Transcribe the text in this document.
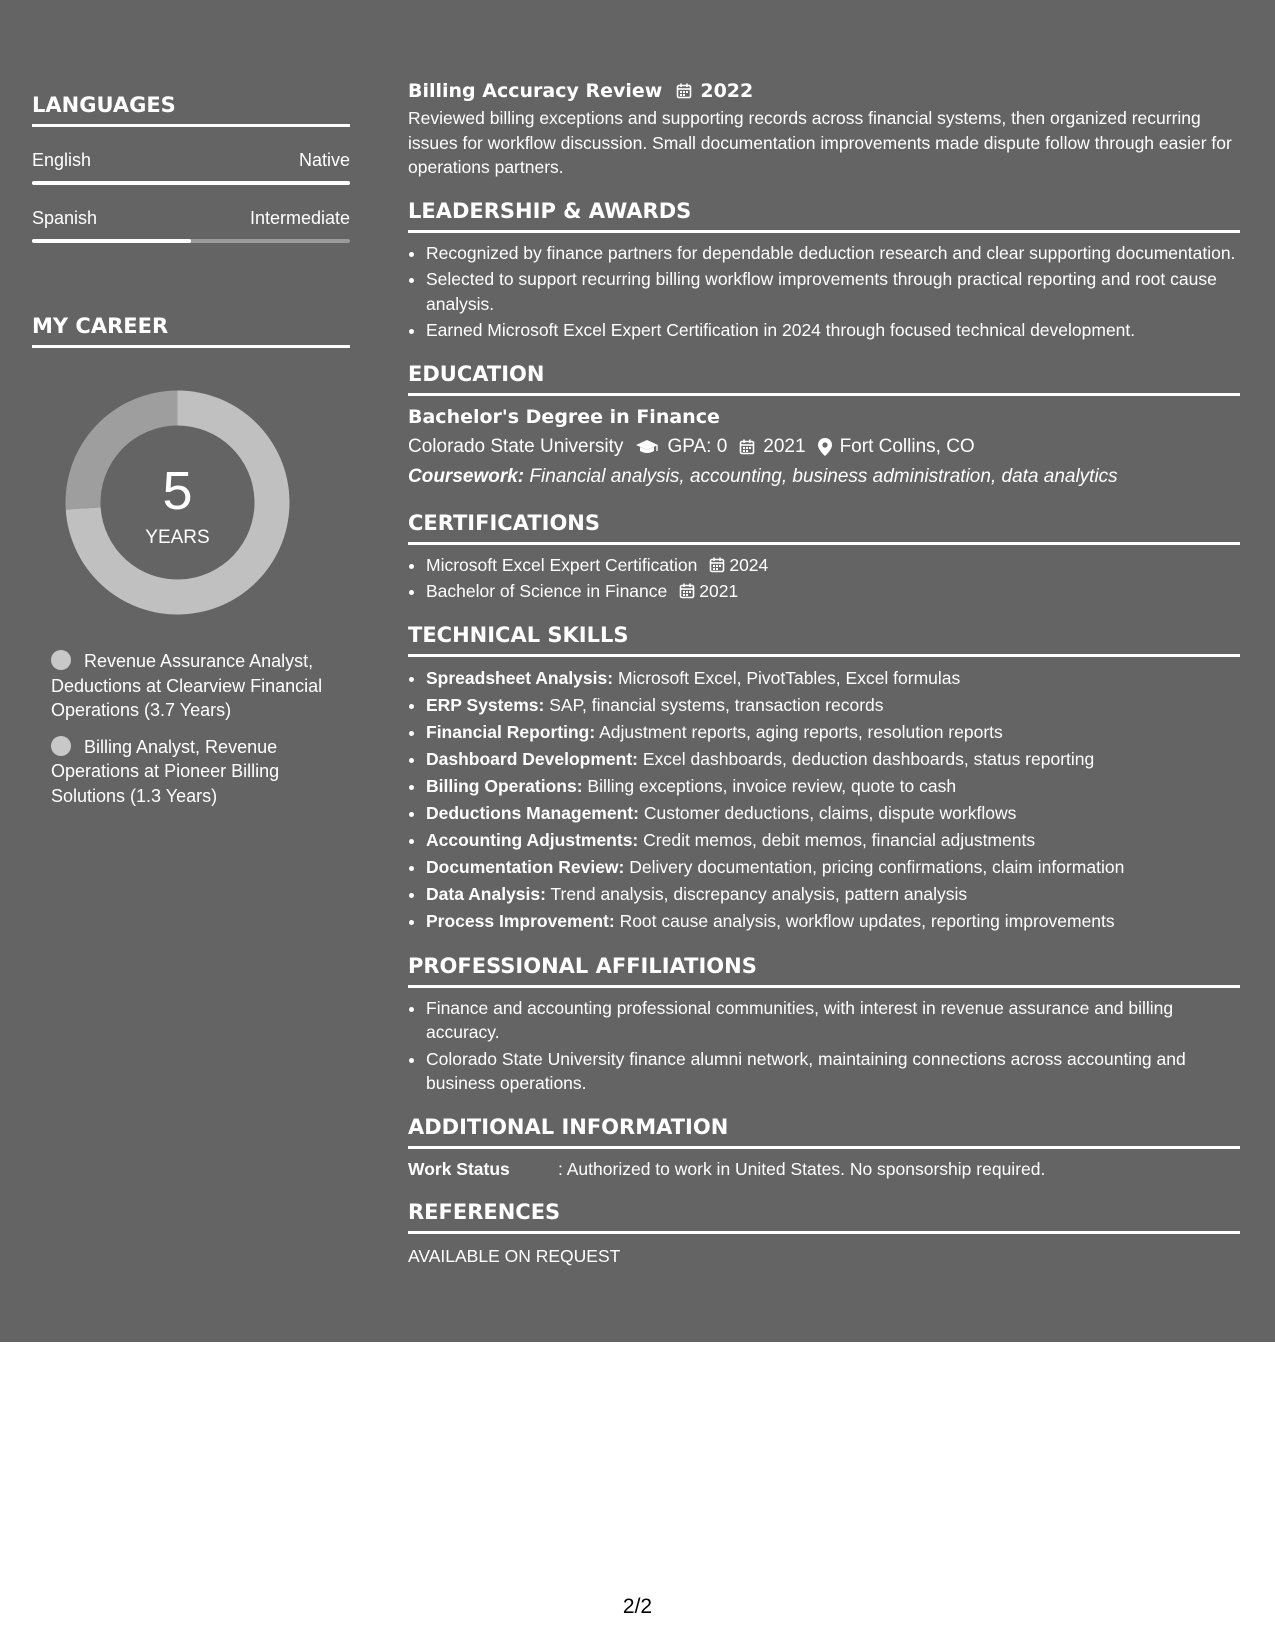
LANGUAGES
English	Native
Spanish	Intermediate
MY CAREER
5
YEARS
Revenue Assurance Analyst, Deductions at Clearview Financial Operations (3.7 Years)
Billing Analyst, Revenue Operations at Pioneer Billing Solutions (1.3 Years)
Billing Accuracy Review 2022

Reviewed billing exceptions and supporting records across financial systems, then organized recurring issues for workflow discussion. Small documentation improvements made dispute follow through easier for operations partners.

LEADERSHIP & AWARDS
• Recognized by finance partners for dependable deduction research and clear supporting documentation.
• Selected to support recurring billing workflow improvements through practical reporting and root cause analysis.
• Earned Microsoft Excel Expert Certification in 2024 through focused technical development.
EDUCATION
Bachelor's Degree in Finance
Colorado State University GPA: 0 2021 Fort Collins, CO
Coursework: Financial analysis, accounting, business administration, data analytics
CERTIFICATIONS
• Microsoft Excel Expert Certification 2024
• Bachelor of Science in Finance 2021
TECHNICAL SKILLS
• Spreadsheet Analysis: Microsoft Excel, PivotTables, Excel formulas
• ERP Systems: SAP, financial systems, transaction records
• Financial Reporting: Adjustment reports, aging reports, resolution reports
• Dashboard Development: Excel dashboards, deduction dashboards, status reporting
• Billing Operations: Billing exceptions, invoice review, quote to cash
• Deductions Management: Customer deductions, claims, dispute workflows
• Accounting Adjustments: Credit memos, debit memos, financial adjustments
• Documentation Review: Delivery documentation, pricing confirmations, claim information
• Data Analysis: Trend analysis, discrepancy analysis, pattern analysis
• Process Improvement: Root cause analysis, workflow updates, reporting improvements
PROFESSIONAL AFFILIATIONS
• Finance and accounting professional communities, with interest in revenue assurance and billing accuracy.
• Colorado State University finance alumni network, maintaining connections across accounting and business operations.
ADDITIONAL INFORMATION
Work Status	: Authorized to work in United States. No sponsorship required.
REFERENCES
AVAILABLE ON REQUEST
2/2
